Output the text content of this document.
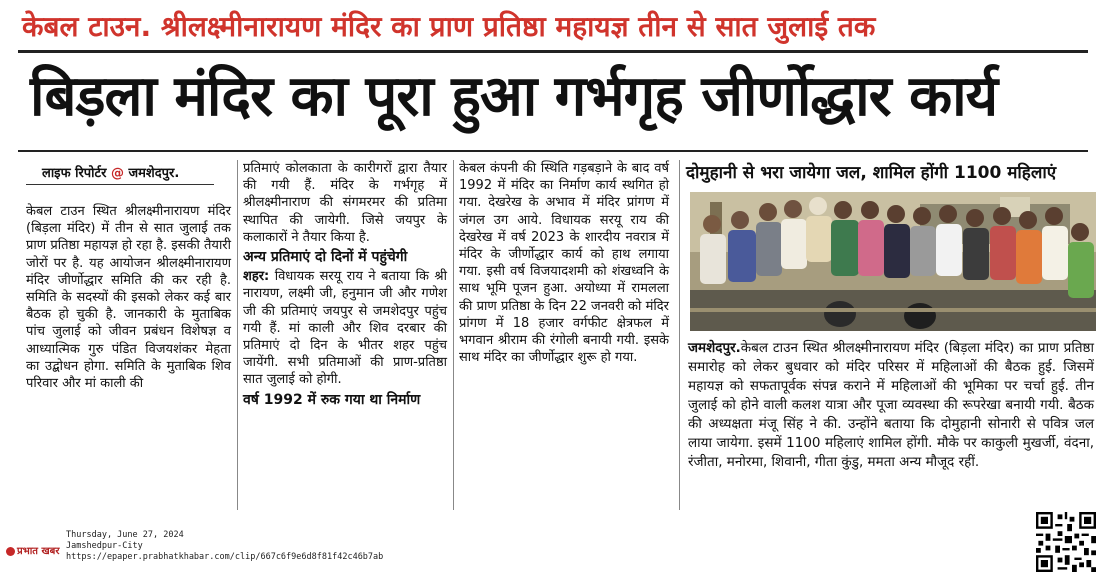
केबल टाउन. श्रीलक्ष्मीनारायण मंदिर का प्राण प्रतिष्ठा महायज्ञ तीन से सात जुलाई तक
बिड़ला मंदिर का पूरा हुआ गर्भगृह जीर्णोद्धार कार्य
लाइफ रिपोर्टर @ जमशेदपुर.
केबल टाउन स्थित श्रीलक्ष्मीनारायण मंदिर (बिड़ला मंदिर) में तीन से सात जुलाई तक प्राण प्रतिष्ठा महायज्ञ हो रहा है. इसकी तैयारी जोरों पर है. यह आयोजन श्रीलक्ष्मीनारायण मंदिर जीर्णोद्धार समिति की कर रही है. समिति के सदस्यों की इसको लेकर कई बार बैठक हो चुकी है. जानकारी के मुताबिक पांच जुलाई को जीवन प्रबंधन विशेषज्ञ व आध्यात्मिक गुरु पंडित विजयशंकर मेहता का उद्बोधन होगा. समिति के मुताबिक शिव परिवार और मां काली की
प्रतिमाएं कोलकाता के कारीगरों द्वारा तैयार की गयी हैं. मंदिर के गर्भगृह में श्रीलक्ष्मीनाराण की संगमरमर की प्रतिमा स्थापित की जायेगी. जिसे जयपुर के कलाकारों ने तैयार किया है.
अन्य प्रतिमाएं दो दिनों में पहुंचेगी
शहर: विधायक सरयू राय ने बताया कि श्री नारायण, लक्ष्मी जी, हनुमान जी और गणेश जी की प्रतिमाएं जयपुर से जमशेदपुर पहुंच गयी हैं. मां काली और शिव दरबार की प्रतिमाएं दो दिन के भीतर शहर पहुंच जायेंगी. सभी प्रतिमाओं की प्राण-प्रतिष्ठा सात जुलाई को होगी.
वर्ष 1992 में रुक गया था निर्माण
केबल कंपनी की स्थिति गड़बड़ाने के बाद वर्ष 1992 में मंदिर का निर्माण कार्य स्थगित हो गया. देखरेख के अभाव में मंदिर प्रांगण में जंगल उग आये. विधायक सरयू राय की देखरेख में वर्ष 2023 के शारदीय नवरात्र में मंदिर के जीर्णोद्धार कार्य को हाथ लगाया गया. इसी वर्ष विजयादशमी को शंखध्वनि के साथ भूमि पूजन हुआ. अयोध्या में रामलला की प्राण प्रतिष्ठा के दिन 22 जनवरी को मंदिर प्रांगण में 18 हजार वर्गफीट क्षेत्रफल में भगवान श्रीराम की रंगोली बनायी गयी. इसके साथ मंदिर का जीर्णोद्धार शुरू हो गया.
दोमुहानी से भरा जायेगा जल, शामिल होंगी 1100 महिलाएं
जमशेदपुर.केबल टाउन स्थित श्रीलक्ष्मीनारायण मंदिर (बिड़ला मंदिर) का प्राण प्रतिष्ठा समारोह को लेकर बुधवार को मंदिर परिसर में महिलाओं की बैठक हुई. जिसमें महायज्ञ को सफतापूर्वक संपन्न कराने में महिलाओं की भूमिका पर चर्चा हुई. तीन जुलाई को होने वाली कलश यात्रा और पूजा व्यवस्था की रूपरेखा बनायी गयी. बैठक की अध्यक्षता मंजू सिंह ने की. उन्होंने बताया कि दोमुहानी सोनारी से पवित्र जल लाया जायेगा. इसमें 1100 महिलाएं शामिल होंगी. मौके पर काकुली मुखर्जी, वंदना, रंजीता, मनोरमा, शिवानी, गीता कुंडु, ममता अन्य मौजूद रहीं.
प्रभात खबर
Thursday, June 27, 2024
Jamshedpur-City
https://epaper.prabhatkhabar.com/clip/667c6f9e6d8f81f42c46b7ab
